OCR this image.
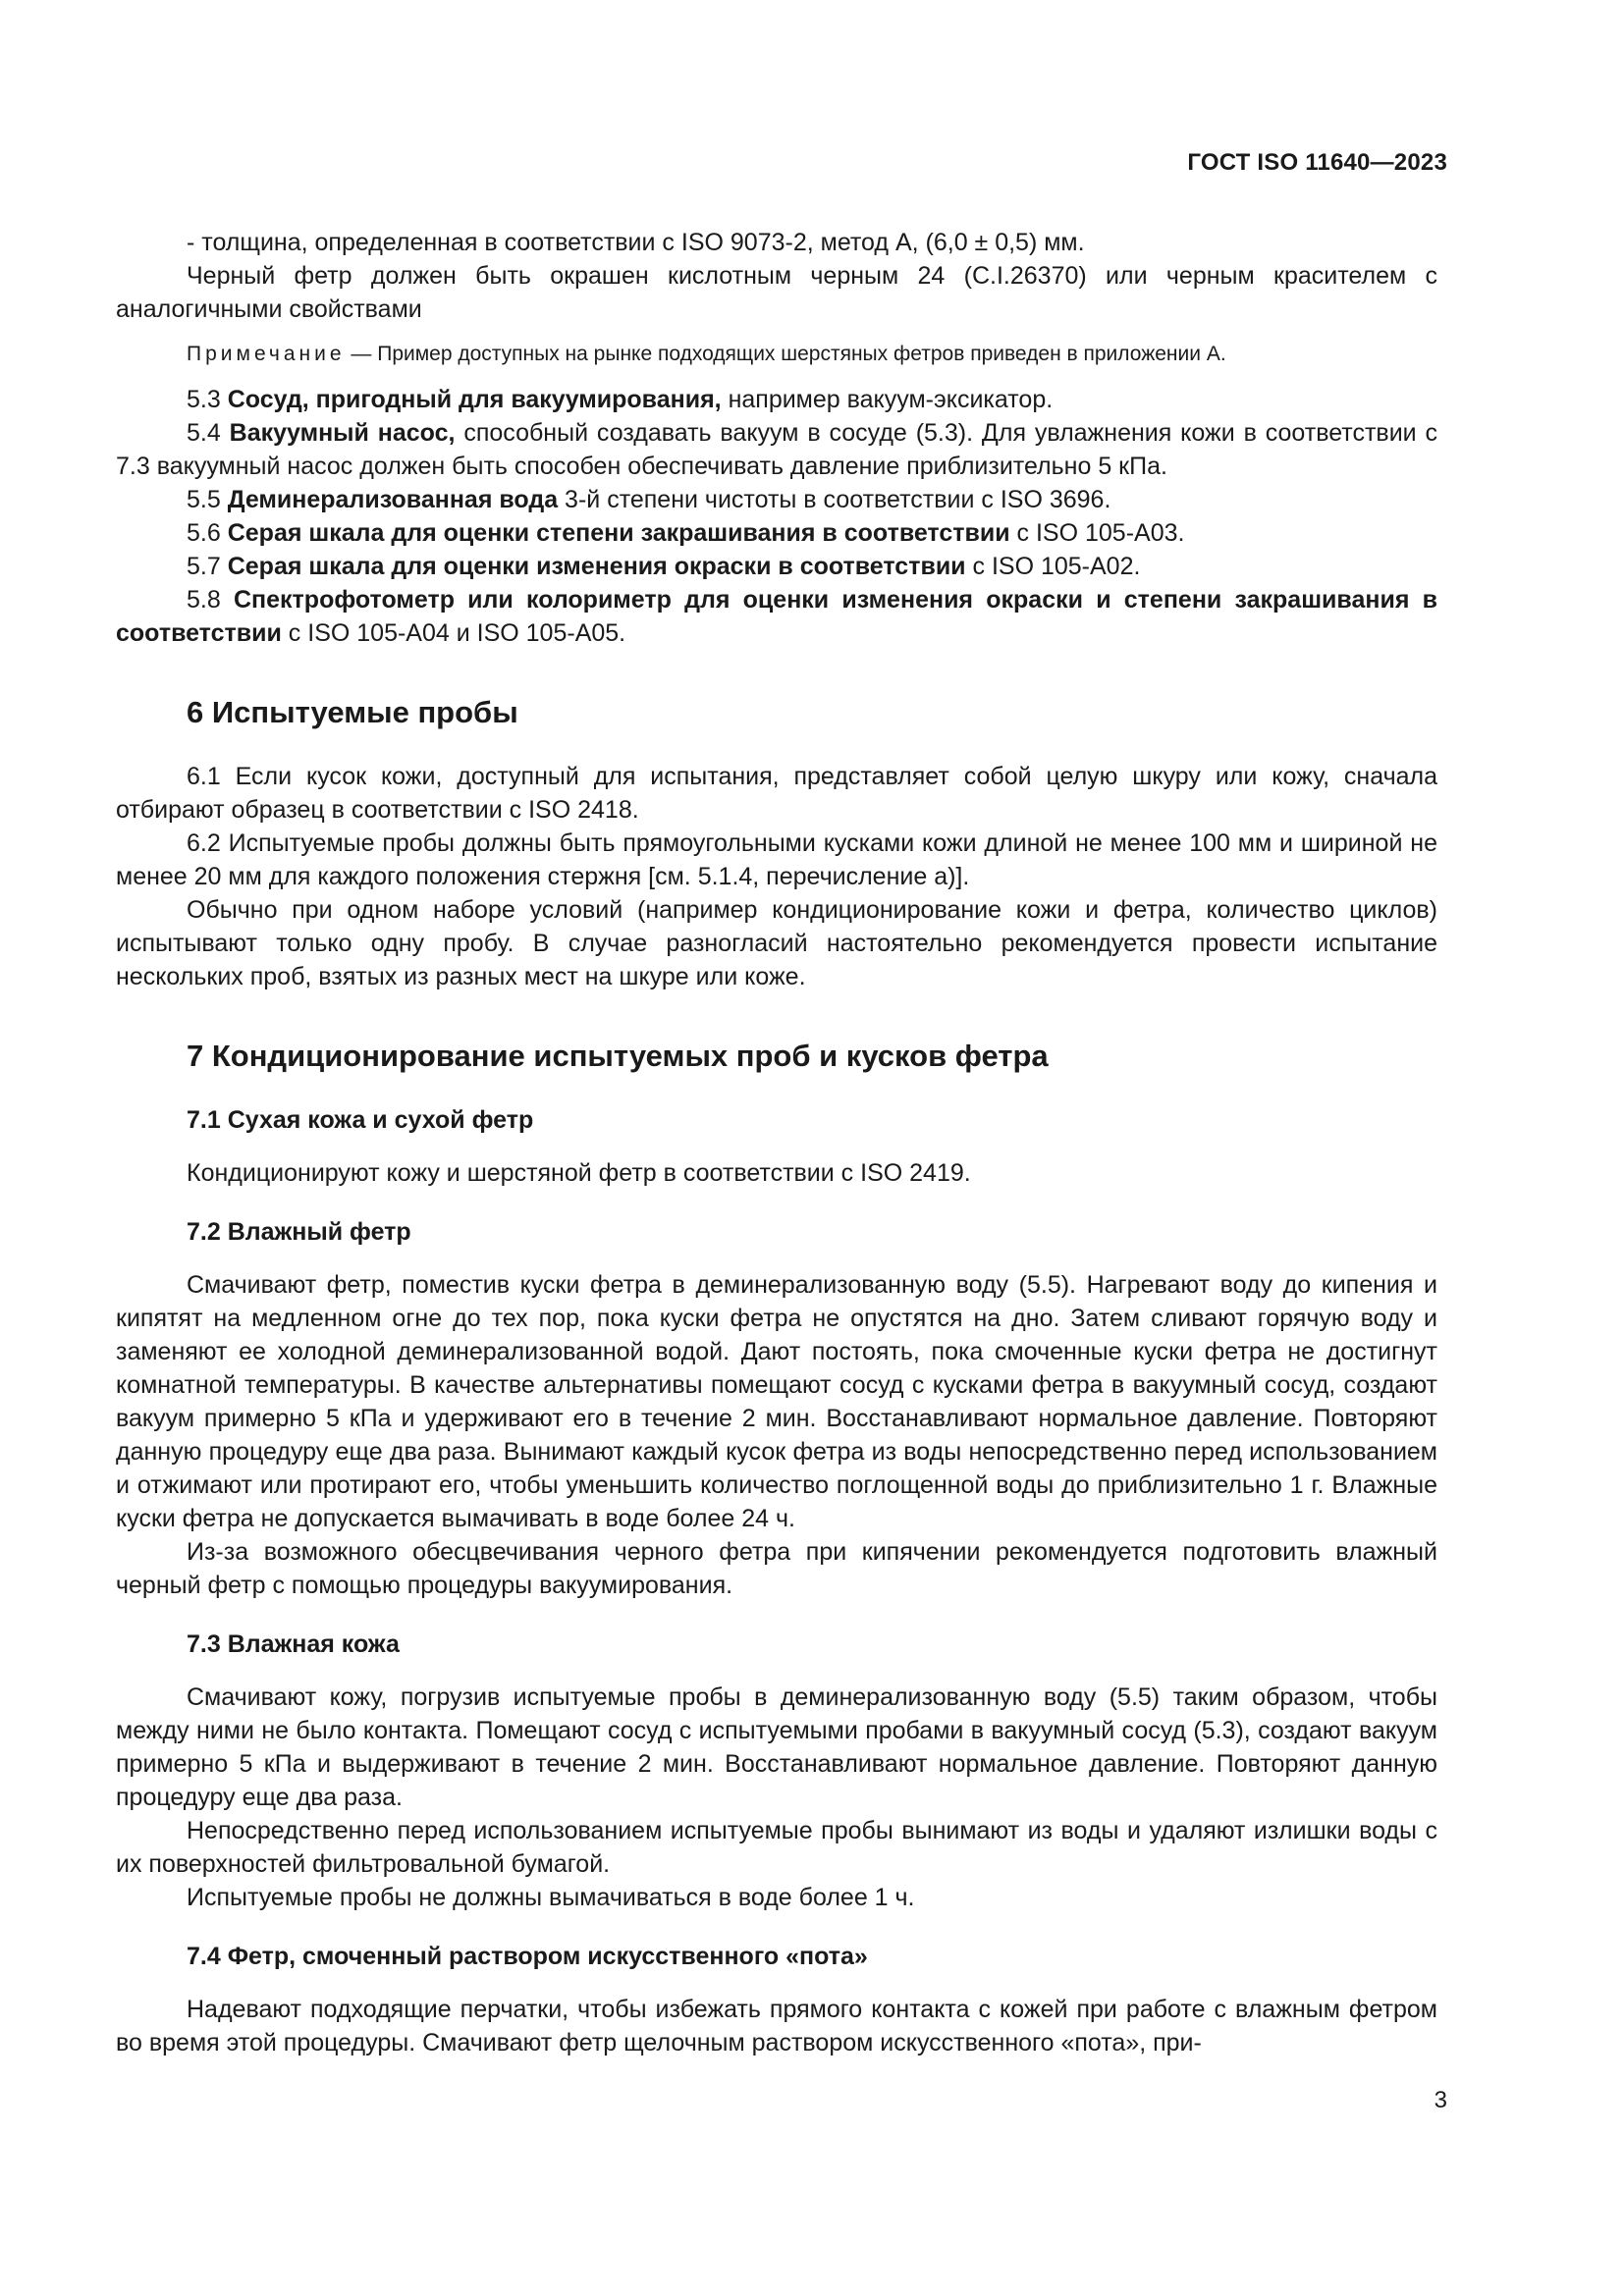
ГОСТ ISO 11640—2023

- толщина, определенная в соответствии с ISO 9073-2, метод А, (6,0 ± 0,5) мм.

Черный фетр должен быть окрашен кислотным черным 24 (C.I.26370) или черным красителем с аналогичными свойствами

Примечание — Пример доступных на рынке подходящих шерстяных фетров приведен в приложении А.

5.3 Сосуд, пригодный для вакуумирования, например вакуум-эксикатор.

5.4 Вакуумный насос, способный создавать вакуум в сосуде (5.3). Для увлажнения кожи в соответствии с 7.3 вакуумный насос должен быть способен обеспечивать давление приблизительно 5 кПа.

5.5 Деминерализованная вода 3-й степени чистоты в соответствии с ISO 3696.

5.6 Серая шкала для оценки степени закрашивания в соответствии с ISO 105-A03.

5.7 Серая шкала для оценки изменения окраски в соответствии с ISO 105-A02.

5.8 Спектрофотометр или колориметр для оценки изменения окраски и степени закрашивания в соответствии с ISO 105-A04 и ISO 105-A05.

6 Испытуемые пробы

6.1 Если кусок кожи, доступный для испытания, представляет собой целую шкуру или кожу, сначала отбирают образец в соответствии с ISO 2418.

6.2 Испытуемые пробы должны быть прямоугольными кусками кожи длиной не менее 100 мм и шириной не менее 20 мм для каждого положения стержня [см. 5.1.4, перечисление а)].

Обычно при одном наборе условий (например кондиционирование кожи и фетра, количество циклов) испытывают только одну пробу. В случае разногласий настоятельно рекомендуется провести испытание нескольких проб, взятых из разных мест на шкуре или коже.

7 Кондиционирование испытуемых проб и кусков фетра
7.1 Сухая кожа и сухой фетр

Кондиционируют кожу и шерстяной фетр в соответствии с ISO 2419.

7.2 Влажный фетр

Смачивают фетр, поместив куски фетра в деминерализованную воду (5.5). Нагревают воду до кипения и кипятят на медленном огне до тех пор, пока куски фетра не опустятся на дно. Затем сливают горячую воду и заменяют ее холодной деминерализованной водой. Дают постоять, пока смоченные куски фетра не достигнут комнатной температуры. В качестве альтернативы помещают сосуд с кусками фетра в вакуумный сосуд, создают вакуум примерно 5 кПа и удерживают его в течение 2 мин. Восстанавливают нормальное давление. Повторяют данную процедуру еще два раза. Вынимают каждый кусок фетра из воды непосредственно перед использованием и отжимают или протирают его, чтобы уменьшить количество поглощенной воды до приблизительно 1 г. Влажные куски фетра не допускается вымачивать в воде более 24 ч.

Из-за возможного обесцвечивания черного фетра при кипячении рекомендуется подготовить влажный черный фетр с помощью процедуры вакуумирования.

7.3 Влажная кожа

Смачивают кожу, погрузив испытуемые пробы в деминерализованную воду (5.5) таким образом, чтобы между ними не было контакта. Помещают сосуд с испытуемыми пробами в вакуумный сосуд (5.3), создают вакуум примерно 5 кПа и выдерживают в течение 2 мин. Восстанавливают нормальное давление. Повторяют данную процедуру еще два раза.

Непосредственно перед использованием испытуемые пробы вынимают из воды и удаляют излишки воды с их поверхностей фильтровальной бумагой.

Испытуемые пробы не должны вымачиваться в воде более 1 ч.

7.4 Фетр, смоченный раствором искусственного «пота»

Надевают подходящие перчатки, чтобы избежать прямого контакта с кожей при работе с влажным фетром во время этой процедуры. Смачивают фетр щелочным раствором искусственного «пота», при-

3
